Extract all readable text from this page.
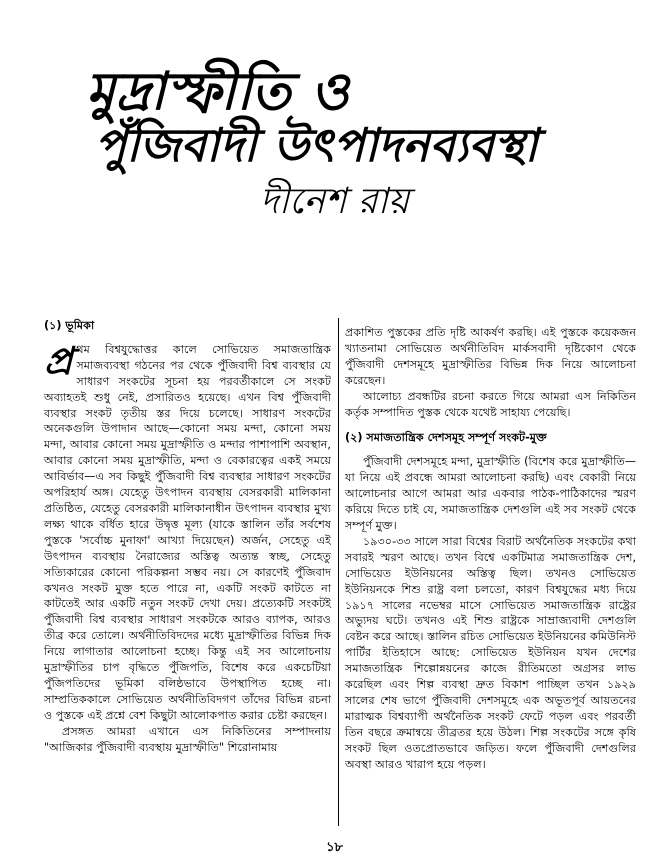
মুদ্রাস্ফীতি ও
পুঁজিবাদী উৎপাদনব্যবস্থা
দীনেশ রায়
(১) ভূমিকা

প্র থম বিশ্বযুদ্ধোত্তর কালে সোভিয়েত সমাজতান্ত্রিক সমাজব্যবস্থা গঠনের পর থেকে পুঁজিবাদী বিশ্ব ব্যবস্থার যে সাধারণ সংকটের সূচনা হয় পরবর্তীকালে সে সংকট অব্যাহতই শুধু নেই, প্রসারিতও হয়েছে। এখন বিশ্ব পুঁজিবাদী ব্যবস্থার সংকট তৃতীয় স্তর দিয়ে চলেছে। সাধারণ সংকটের অনেকগুলি উপাদান আছে—কোনো সময় মন্দা, কোনো সময় মন্দা, আবার কোনো সময় মুদ্রাস্ফীতি ও মন্দার পাশাপাশি অবস্থান, আবার কোনো সময় মুদ্রাস্ফীতি, মন্দা ও বেকারত্বের একই সময়ে আবির্ভাব—এ সব কিছুই পুঁজিবাদী বিশ্ব ব্যবস্থার সাধারণ সংকটের অপরিহার্য অঙ্গ। যেহেতু উৎপাদন ব্যবস্থায় বেসরকারী মালিকানা প্রতিষ্ঠিত, যেহেতু বেসরকারী মালিকানাধীন উৎপাদন ব্যবস্থার মুখ্য লক্ষ্য থাকে বর্ধিত হারে উদ্বৃত্ত মূল্য (যাকে স্তালিন তাঁর সর্বশেষ পুস্তকে 'সর্বোচ্চ মুনাফা' আখ্যা দিয়েছেন) অর্জন, সেহেতু এই উৎপাদন ব্যবস্থায় নৈরাজ্যের অস্তিত্ব অত্যন্ত স্বচ্ছ, সেহেতু সত্যিকারের কোনো পরিকল্পনা সম্ভব নয়। সে কারণেই পুঁজিবাদ কখনও সংকট মুক্ত হতে পারে না, একটি সংকট কাটতে না কাটতেই আর একটি নতুন সংকট দেখা দেয়। প্রত্যেকটি সংকটই পুঁজিবাদী বিশ্ব ব্যবস্থার সাধারণ সংকটকে আরও ব্যাপক, আরও তীব্র করে তোলে। অর্থনীতিবিদদের মধ্যে মুদ্রাস্ফীতির বিভিন্ন দিক নিয়ে লাগাতার আলোচনা হচ্ছে। কিন্তু এই সব আলোচনায় মুদ্রাস্ফীতির চাপ বৃদ্ধিতে পুঁজিপতি, বিশেষ করে একচেটিয়া পুঁজিপতিদের ভূমিকা বলিষ্ঠভাবে উপস্থাপিত হচ্ছে না। সাম্প্রতিককালে সোভিয়েত অর্থনীতিবিদগণ তাঁদের বিভিন্ন রচনা ও পুস্তকে এই প্রশ্নে বেশ কিছুটা আলোকপাত করার চেষ্টা করছেন।

প্রসঙ্গত আমরা এখানে এস নিকিতিনের সম্পাদনায় "আজিকার পুঁজিবাদী ব্যবস্থায় মুদ্রাস্ফীতি" শিরোনামায়

প্রকাশিত পুস্তকের প্রতি দৃষ্টি আকর্ষণ করছি। এই পুস্তকে কয়েকজন খ্যাতনামা সোভিয়েত অর্থনীতিবিদ মার্কসবাদী দৃষ্টিকোণ থেকে পুঁজিবাদী দেশসমূহে মুদ্রাস্ফীতির বিভিন্ন দিক নিয়ে আলোচনা করেছেন।

আলোচ্য প্রবন্ধটির রচনা করতে গিয়ে আমরা এস নিকিতিন কর্তৃক সম্পাদিত পুস্তক থেকে যথেষ্ট সাহায্য পেয়েছি।

(২) সমাজতান্ত্রিক দেশসমূহ সম্পূর্ণ সংকট-মুক্ত

পুঁজিবাদী দেশসমূহে মন্দা, মুদ্রাস্ফীতি (বিশেষ করে মুদ্রাস্ফীতি—যা নিয়ে এই প্রবন্ধে আমরা আলোচনা করছি) এবং বেকারী নিয়ে আলোচনার আগে আমরা আর একবার পাঠক-পাঠিকাদের স্মরণ করিয়ে দিতে চাই যে, সমাজতান্ত্রিক দেশগুলি এই সব সংকট থেকে সম্পূর্ণ মুক্ত।

১৯৩০-৩৩ সালে সারা বিশ্বের বিরাট অর্থনৈতিক সংকটের কথা সবারই স্মরণ আছে। তখন বিশ্বে একটিমাত্র সমাজতান্ত্রিক দেশ, সোভিয়েত ইউনিয়নের অস্তিত্ব ছিল। তখনও সোভিয়েত ইউনিয়নকে শিশু রাষ্ট্র বলা চলতো, কারণ বিশ্বযুদ্ধের মধ্য দিয়ে ১৯১৭ সালের নভেম্বর মাসে সোভিয়েত সমাজতান্ত্রিক রাষ্ট্রের অভ্যুদয় ঘটে। তখনও এই শিশু রাষ্ট্রকে সাম্রাজ্যবাদী দেশগুলি বেষ্টন করে আছে। স্তালিন রচিত সোভিয়েত ইউনিয়নের কমিউনিস্ট পার্টির ইতিহাসে আছে: সোভিয়েত ইউনিয়ন যখন দেশের সমাজতান্ত্রিক শিল্পোন্নয়নের কাজে রীতিমতো অগ্রসর লাভ করেছিল এবং শিল্প ব্যবস্থা দ্রুত বিকাশ পাচ্ছিল তখন ১৯২৯ সালের শেষ ভাগে পুঁজিবাদী দেশসমূহে এক অভূতপূর্ব আয়তনের মারাত্মক বিশ্বব্যাপী অর্থনৈতিক সংকট ফেটে পড়ল এবং পরবর্তী তিন বছরে ক্রমান্বয়ে তীব্রতর হয়ে উঠল। শিল্প সংকটের সঙ্গে কৃষি সংকট ছিল ওতপ্রোতভাবে জড়িত। ফলে পুঁজিবাদী দেশগুলির অবস্থা আরও খারাপ হয়ে পড়ল।

১৮
